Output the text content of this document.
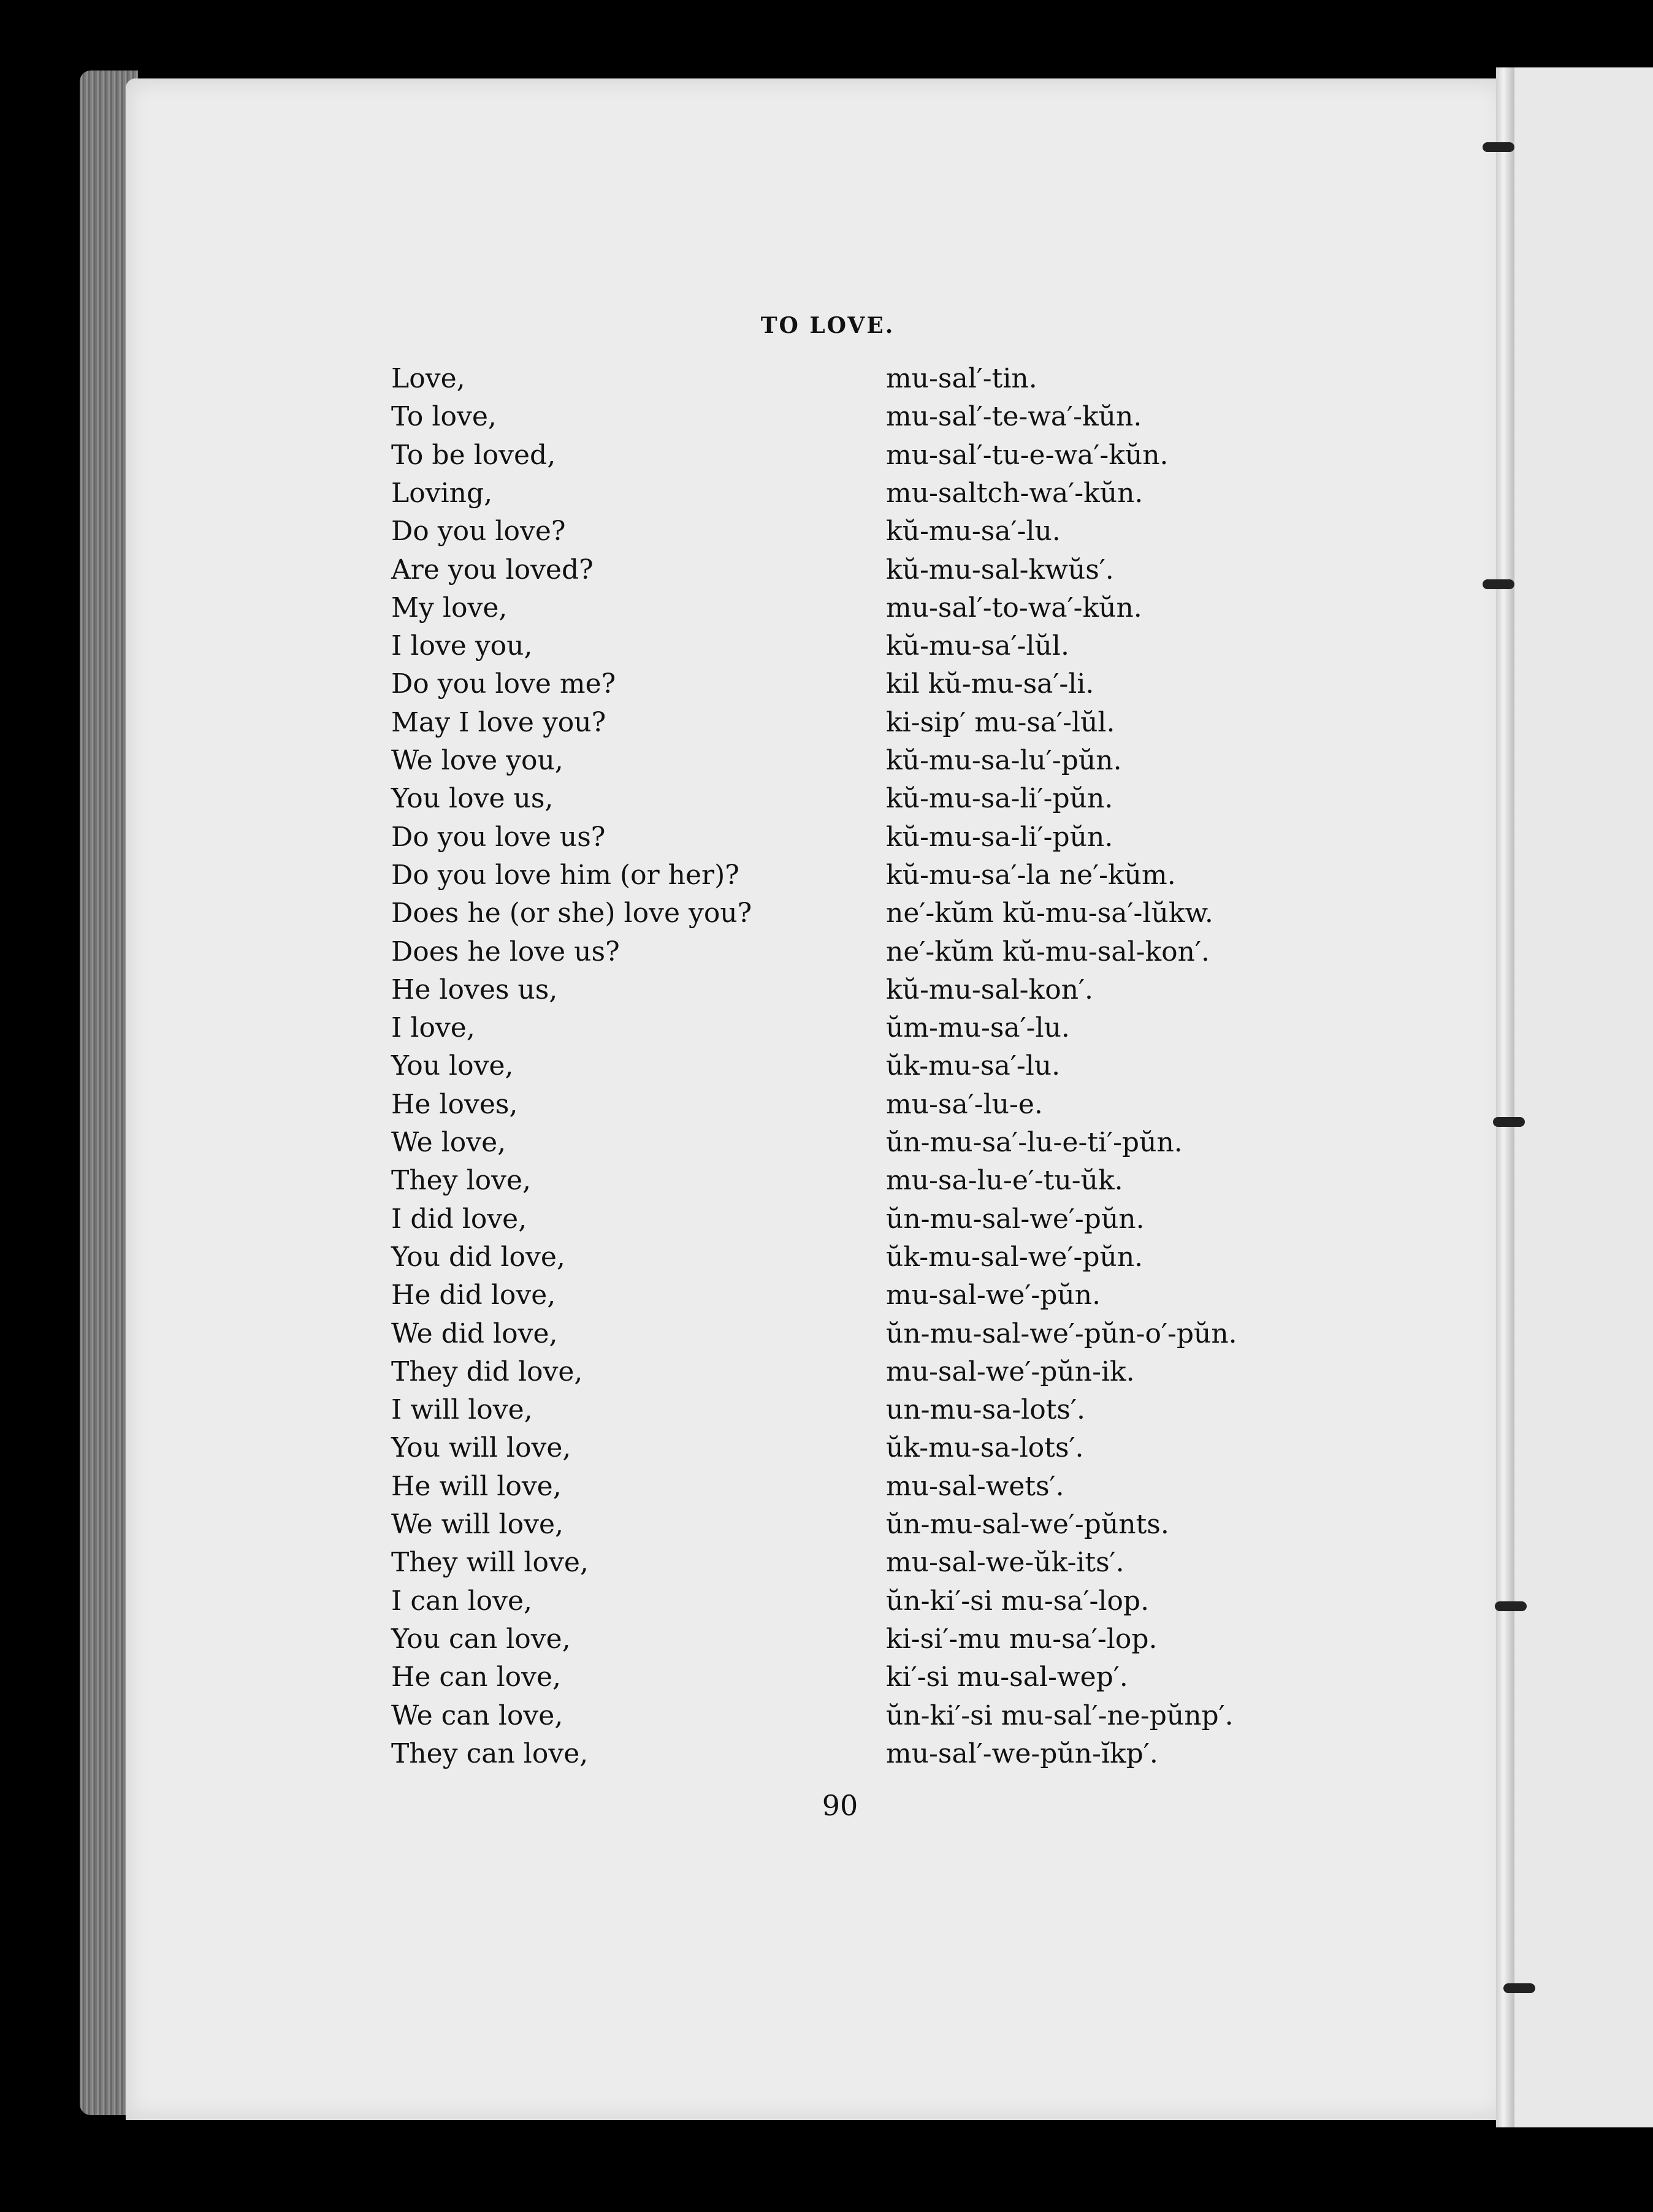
TO LOVE.
Love,	mu-sal′-tin.
To love,	mu-sal′-te-wa′-kŭn.
To be loved,	mu-sal′-tu-e-wa′-kŭn.
Loving,	mu-saltch-wa′-kŭn.
Do you love?	kŭ-mu-sa′-lu.
Are you loved?	kŭ-mu-sal-kwŭs′.
My love,	mu-sal′-to-wa′-kŭn.
I love you,	kŭ-mu-sa′-lŭl.
Do you love me?	kil kŭ-mu-sa′-li.
May I love you?	ki-sip′ mu-sa′-lŭl.
We love you,	kŭ-mu-sa-lu′-pŭn.
You love us,	kŭ-mu-sa-li′-pŭn.
Do you love us?	kŭ-mu-sa-li′-pŭn.
Do you love him (or her)?	kŭ-mu-sa′-la ne′-kŭm.
Does he (or she) love you?	ne′-kŭm kŭ-mu-sa′-lŭkw.
Does he love us?	ne′-kŭm kŭ-mu-sal-kon′.
He loves us,	kŭ-mu-sal-kon′.
I love,	ŭm-mu-sa′-lu.
You love,	ŭk-mu-sa′-lu.
He loves,	mu-sa′-lu-e.
We love,	ŭn-mu-sa′-lu-e-ti′-pŭn.
They love,	mu-sa-lu-e′-tu-ŭk.
I did love,	ŭn-mu-sal-we′-pŭn.
You did love,	ŭk-mu-sal-we′-pŭn.
He did love,	mu-sal-we′-pŭn.
We did love,	ŭn-mu-sal-we′-pŭn-o′-pŭn.
They did love,	mu-sal-we′-pŭn-ik.
I will love,	un-mu-sa-lots′.
You will love,	ŭk-mu-sa-lots′.
He will love,	mu-sal-wets′.
We will love,	ŭn-mu-sal-we′-pŭnts.
They will love,	mu-sal-we-ŭk-its′.
I can love,	ŭn-ki′-si mu-sa′-lop.
You can love,	ki-si′-mu mu-sa′-lop.
He can love,	ki′-si mu-sal-wep′.
We can love,	ŭn-ki′-si mu-sal′-ne-pŭnp′.
They can love,	mu-sal′-we-pŭn-ĭkp′.
90
